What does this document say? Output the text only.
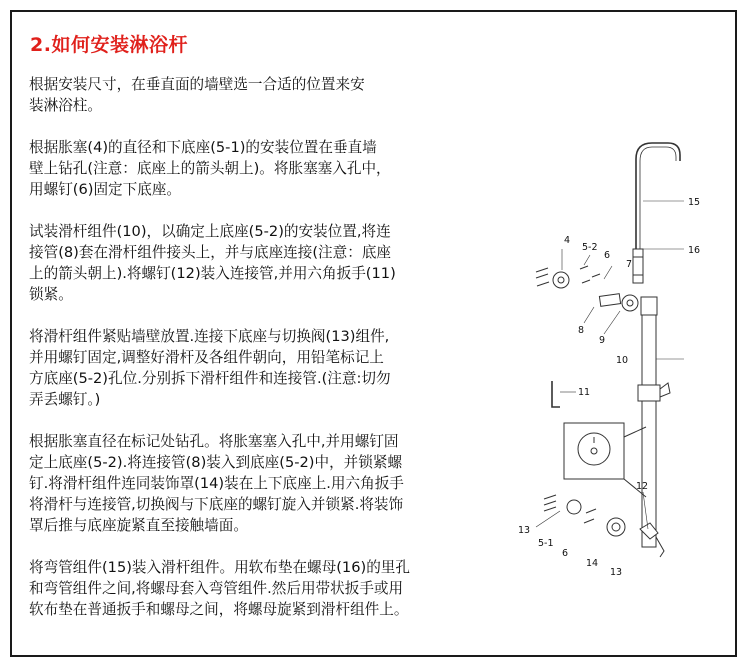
2.如何安装淋浴杆

根据安装尺寸，在垂直面的墙壁选一合适的位置来安
装淋浴柱。

根据胀塞(4)的直径和下底座(5-1)的安装位置在垂直墙
壁上钻孔(注意：底座上的箭头朝上)。将胀塞塞入孔中，
用螺钉(6)固定下底座。

试装滑杆组件(10)，以确定上底座(5-2)的安装位置,将连
接管(8)套在滑杆组件接头上，并与底座连接(注意：底座
上的箭头朝上).将螺钉(12)装入连接管,并用六角扳手(11)
锁紧。

将滑杆组件紧贴墙壁放置.连接下底座与切换阀(13)组件,
并用螺钉固定,调整好滑杆及各组件朝向，用铅笔标记上
方底座(5-2)孔位.分别拆下滑杆组件和连接管.(注意:切勿
弄丢螺钉。)

根据胀塞直径在标记处钻孔。将胀塞塞入孔中,并用螺钉固
定上底座(5-2).将连接管(8)装入到底座(5-2)中，并锁紧螺
钉.将滑杆组件连同装饰罩(14)装在上下底座上.用六角扳手
将滑杆与连接管,切换阀与下底座的螺钉旋入并锁紧.将装饰
罩后推与底座旋紧直至接触墙面。

将弯管组件(15)装入滑杆组件。用软布垫在螺母(16)的里孔
和弯管组件之间,将螺母套入弯管组件.然后用带状扳手或用
软布垫在普通扳手和螺母之间，将螺母旋紧到滑杆组件上。

15
16
4
5-2
6
7
8
9
10
11
12
13
5-1
6
14
13
